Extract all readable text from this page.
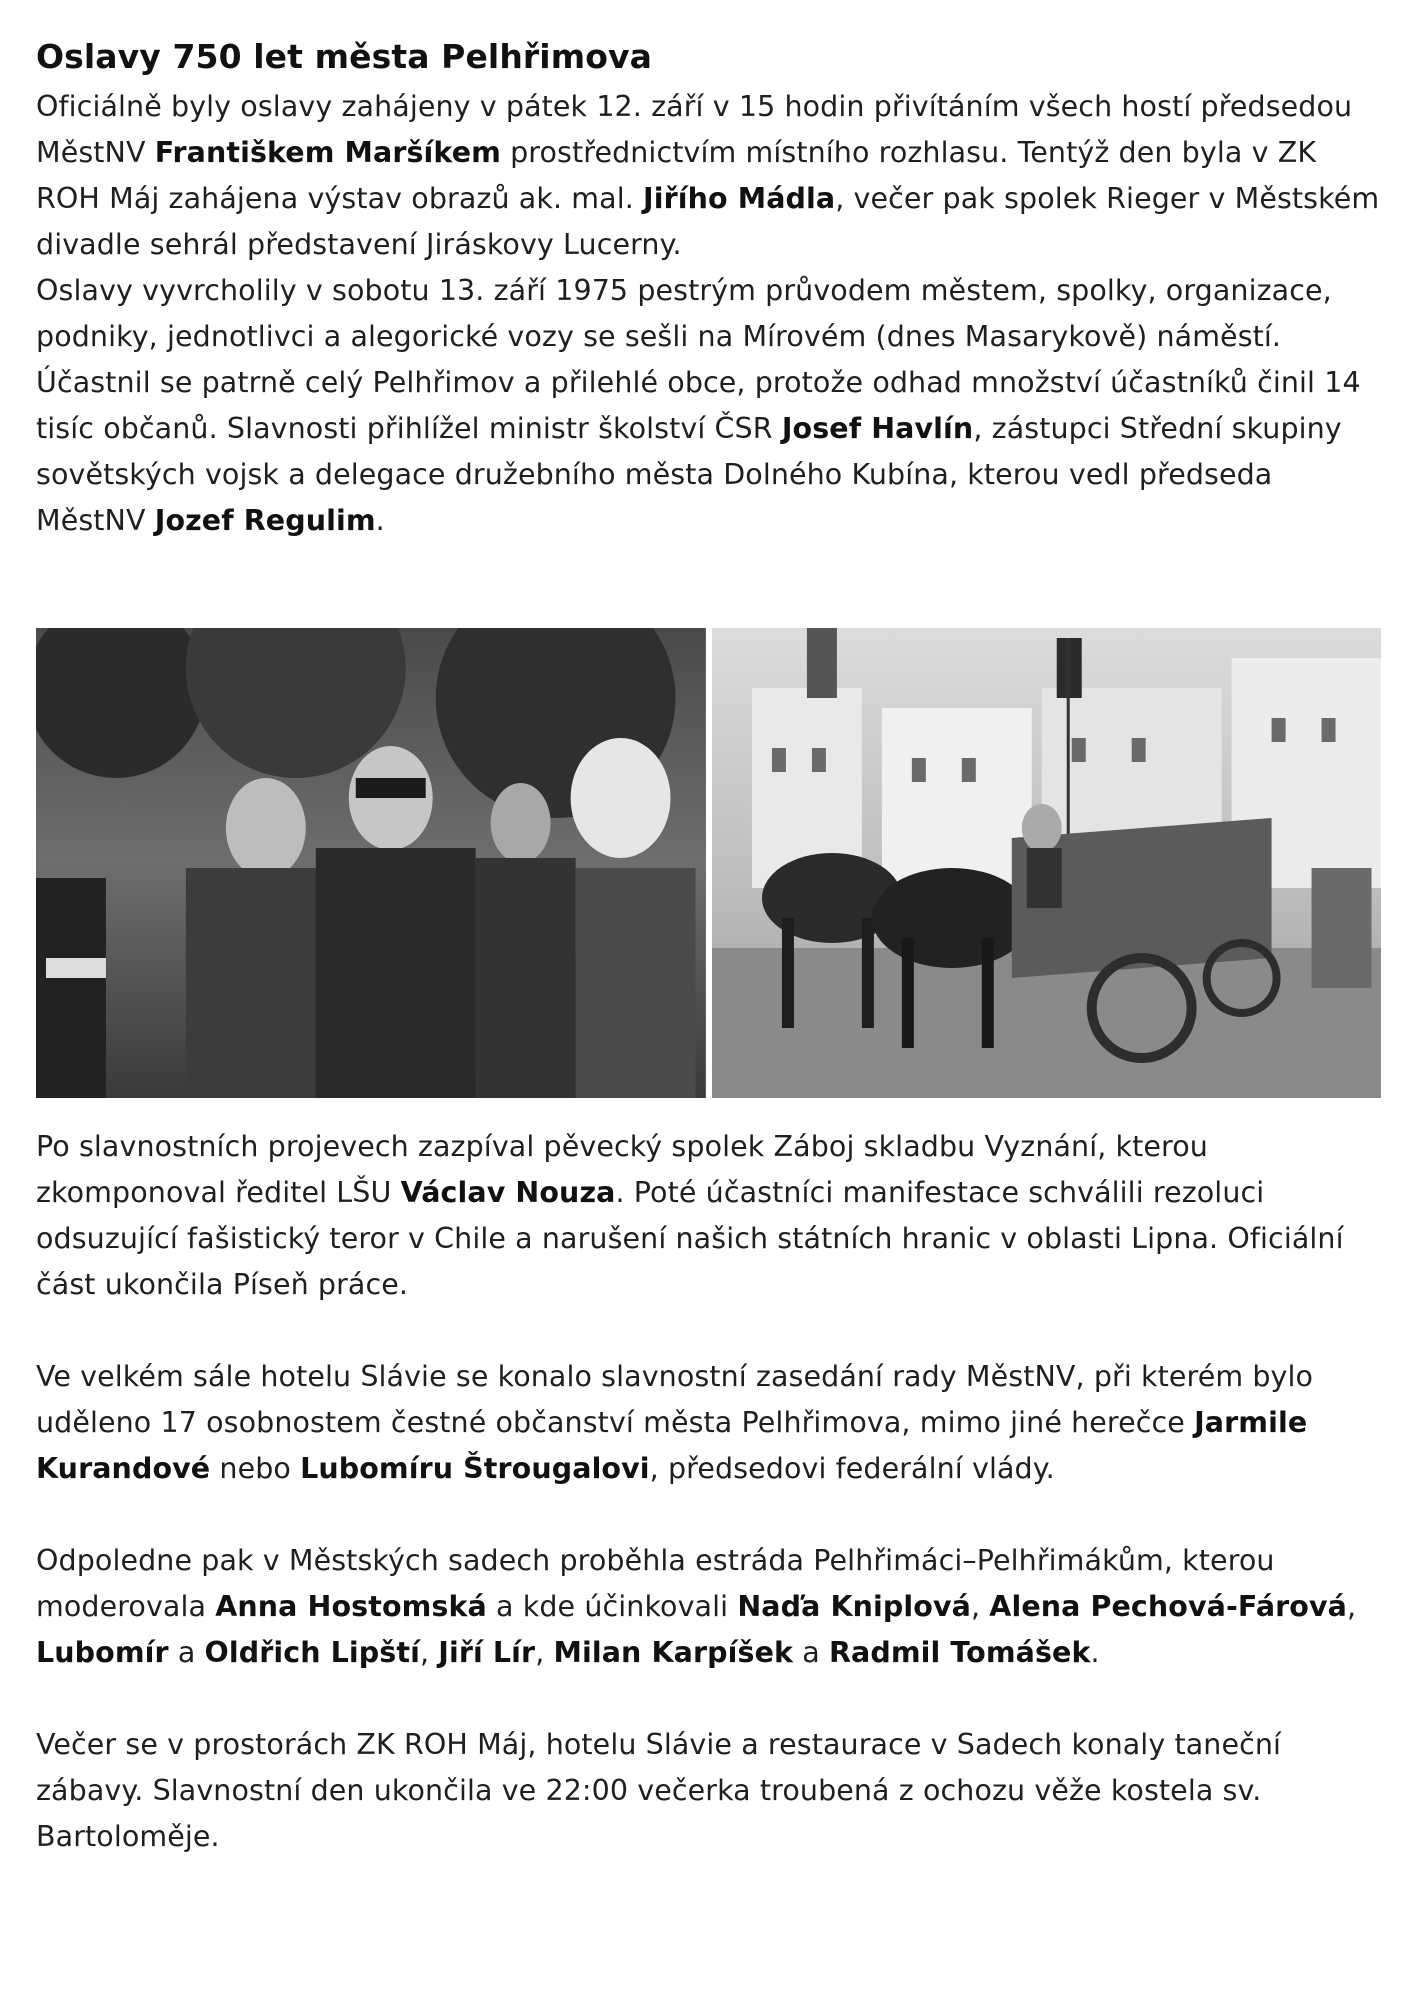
Oslavy 750 let města Pelhřimova

Oficiálně byly oslavy zahájeny v pátek 12. září v 15 hodin přivítáním všech hostí předsedou MěstNV Františkem Maršíkem prostřednictvím místního rozhlasu. Tentýž den byla v ZK ROH Máj zahájena výstav obrazů ak. mal. Jiřího Mádla, večer pak spolek Rieger v Městském divadle sehrál představení Jiráskovy Lucerny.

Oslavy vyvrcholily v sobotu 13. září 1975 pestrým průvodem městem, spolky, organizace, podniky, jednotlivci a alegorické vozy se sešli na Mírovém (dnes Masarykově) náměstí. Účastnil se patrně celý Pelhřimov a přilehlé obce, protože odhad množství účastníků činil 14 tisíc občanů. Slavnosti přihlížel ministr školství ČSR Josef Havlín, zástupci Střední skupiny sovětských vojsk a delegace družebního města Dolného Kubína, kterou vedl předseda MěstNV Jozef Regulim.

Po slavnostních projevech zazpíval pěvecký spolek Záboj skladbu Vyznání, kterou zkomponoval ředitel LŠU Václav Nouza. Poté účastníci manifestace schválili rezoluci odsuzující fašistický teror v Chile a narušení našich státních hranic v oblasti Lipna. Oficiální část ukončila Píseň práce.

Ve velkém sále hotelu Slávie se konalo slavnostní zasedání rady MěstNV, při kterém bylo uděleno 17 osobnostem čestné občanství města Pelhřimova, mimo jiné herečce Jarmile Kurandové nebo Lubomíru Štrougalovi, předsedovi federální vlády.

Odpoledne pak v Městských sadech proběhla estráda Pelhřimáci–Pelhřimákům, kterou moderovala Anna Hostomská a kde účinkovali Naďa Kniplová, Alena Pechová-Fárová, Lubomír a Oldřich Lipští, Jiří Lír, Milan Karpíšek a Radmil Tomášek.

Večer se v prostorách ZK ROH Máj, hotelu Slávie a restaurace v Sadech konaly taneční zábavy. Slavnostní den ukončila ve 22:00 večerka troubená z ochozu věže kostela sv. Bartoloměje.
